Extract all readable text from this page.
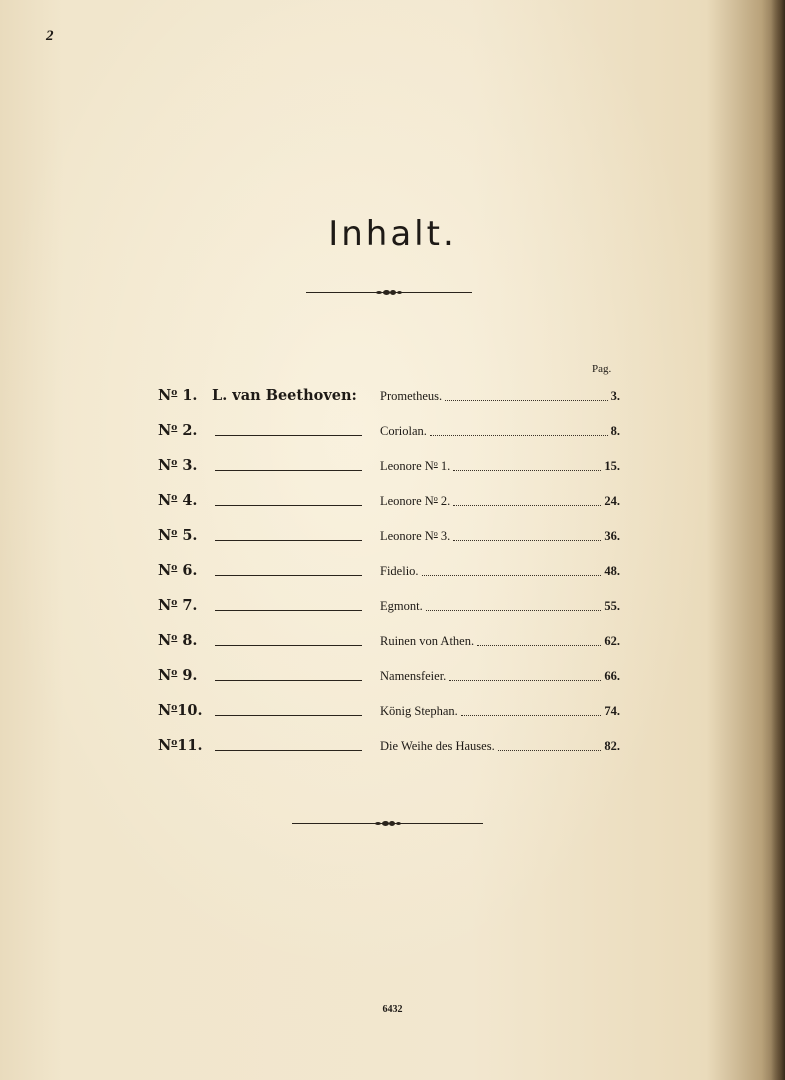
2
Inhalt.
Pag.
$N^o$ 1. L. van Beethoven: Prometheus.	3.
$N^o$ 2.	Coriolan.	8.
$N^o$ 3.	Leonore $N^o$ 1.	15.
$N^o$ 4.	Leonore $N^o$ 2.	24.
$N^o$ 5.	Leonore $N^o$ 3.	36.
$N^o$ 6.	Fidelio.	48.
$N^o$ 7.	Egmont.	55.
$N^o$ 8.	Ruinen von Athen.	62.
$N^o$ 9.	Namensfeier.	66.
$N^o10$.	König Stephan.	74.
$N^o11$.	Die Weihe des Hauses.	82.
6432
